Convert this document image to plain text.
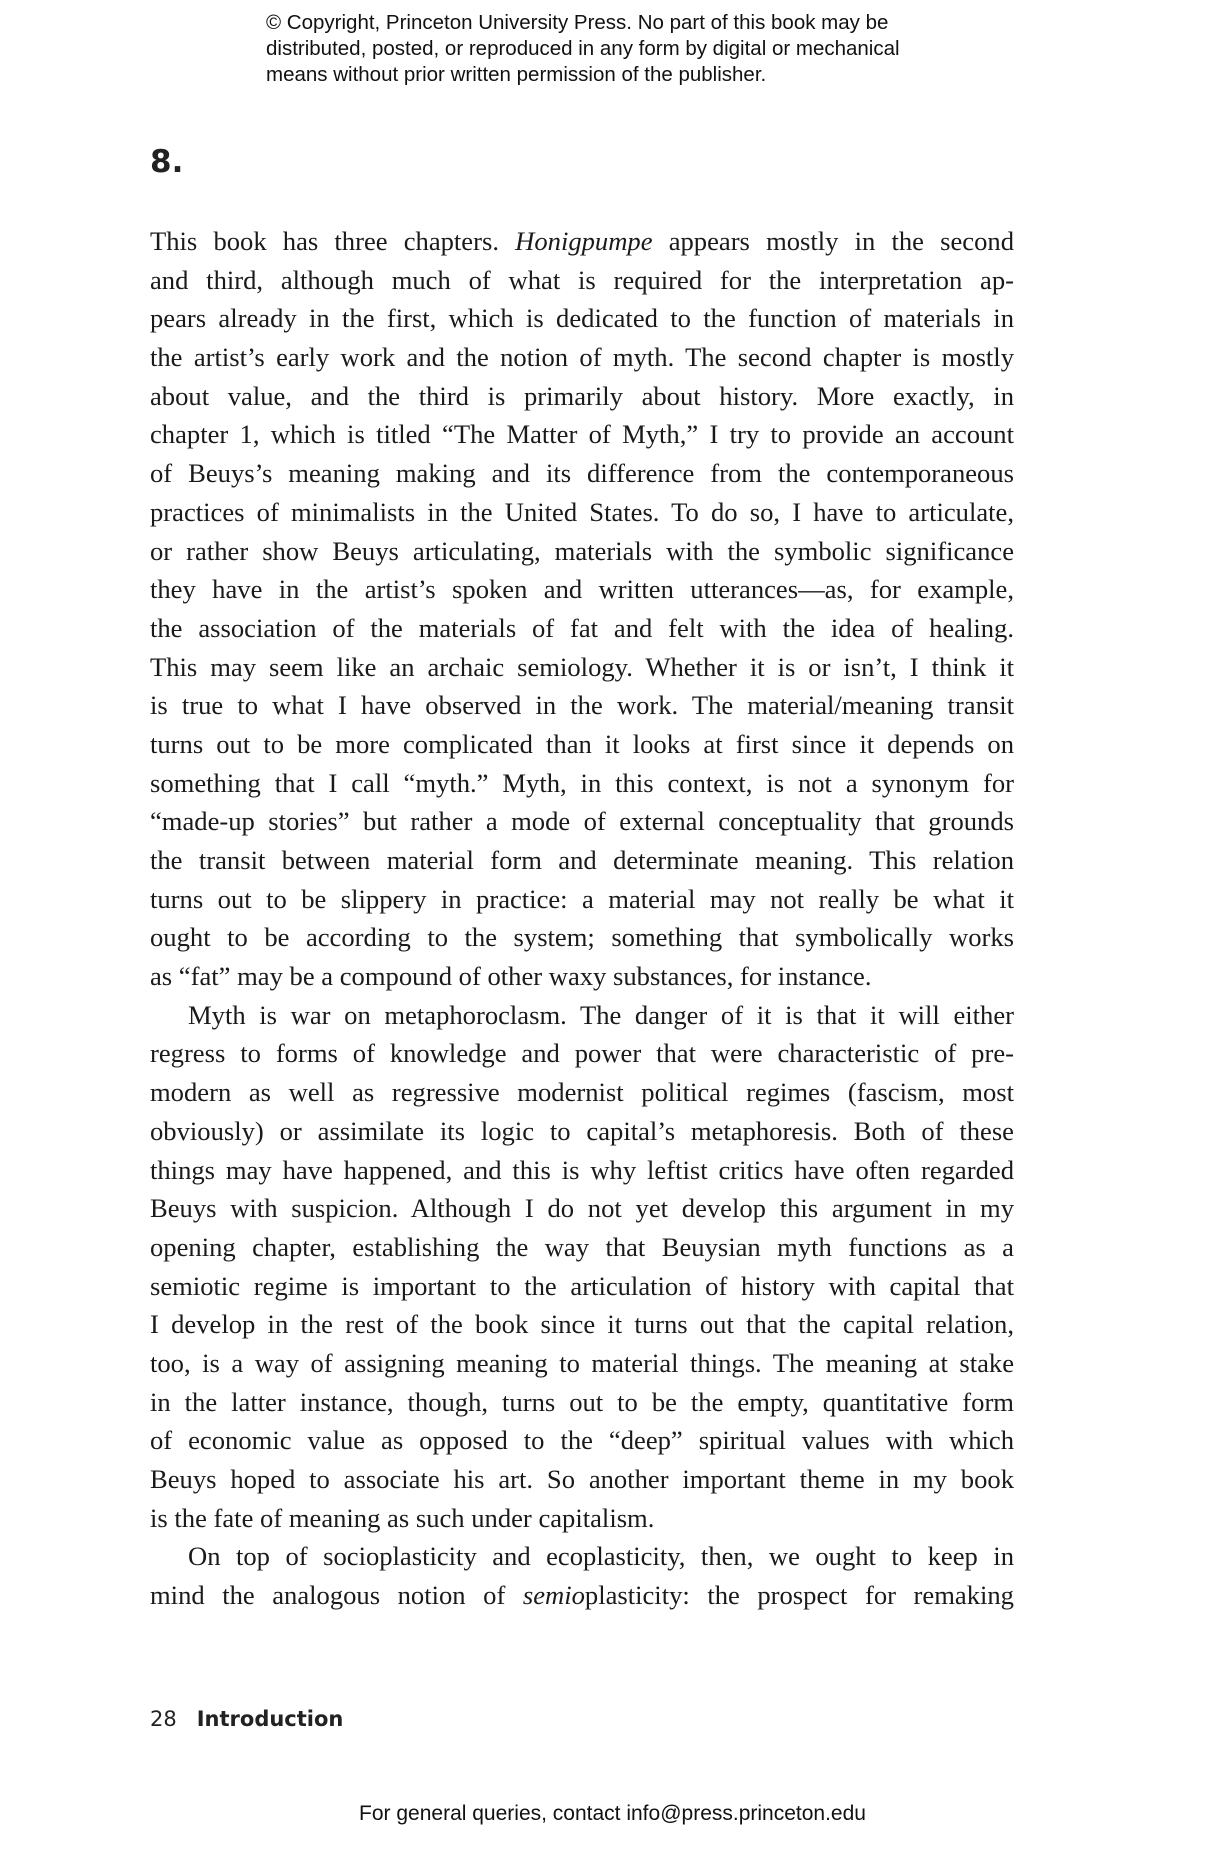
© Copyright, Princeton University Press. No part of this book may be
distributed, posted, or reproduced in any form by digital or mechanical
means without prior written permission of the publisher.
8.
This book has three chapters. Honigpumpe appears mostly in the second
and third, although much of what is required for the interpretation ap-
pears already in the first, which is dedicated to the function of materials in
the artist’s early work and the notion of myth. The second chapter is mostly
about value, and the third is primarily about history. More exactly, in
chapter 1, which is titled “The Matter of Myth,” I try to provide an account
of Beuys’s meaning making and its difference from the contemporaneous
practices of minimalists in the United States. To do so, I have to articulate,
or rather show Beuys articulating, materials with the symbolic significance
they have in the artist’s spoken and written utterances—as, for example,
the association of the materials of fat and felt with the idea of healing.
This may seem like an archaic semiology. Whether it is or isn’t, I think it
is true to what I have observed in the work. The material/meaning transit
turns out to be more complicated than it looks at first since it depends on
something that I call “myth.” Myth, in this context, is not a synonym for
“made-up stories” but rather a mode of external conceptuality that grounds
the transit between material form and determinate meaning. This relation
turns out to be slippery in practice: a material may not really be what it
ought to be according to the system; something that symbolically works
as “fat” may be a compound of other waxy substances, for instance.
Myth is war on metaphoroclasm. The danger of it is that it will either
regress to forms of knowledge and power that were characteristic of pre-
modern as well as regressive modernist political regimes (fascism, most
obviously) or assimilate its logic to capital’s metaphoresis. Both of these
things may have happened, and this is why leftist critics have often regarded
Beuys with suspicion. Although I do not yet develop this argument in my
opening chapter, establishing the way that Beuysian myth functions as a
semiotic regime is important to the articulation of history with capital that
I develop in the rest of the book since it turns out that the capital relation,
too, is a way of assigning meaning to material things. The meaning at stake
in the latter instance, though, turns out to be the empty, quantitative form
of economic value as opposed to the “deep” spiritual values with which
Beuys hoped to associate his art. So another important theme in my book
is the fate of meaning as such under capitalism.
On top of socioplasticity and ecoplasticity, then, we ought to keep in
mind the analogous notion of semioplasticity: the prospect for remaking
28 Introduction
For general queries, contact info@press.princeton.edu
